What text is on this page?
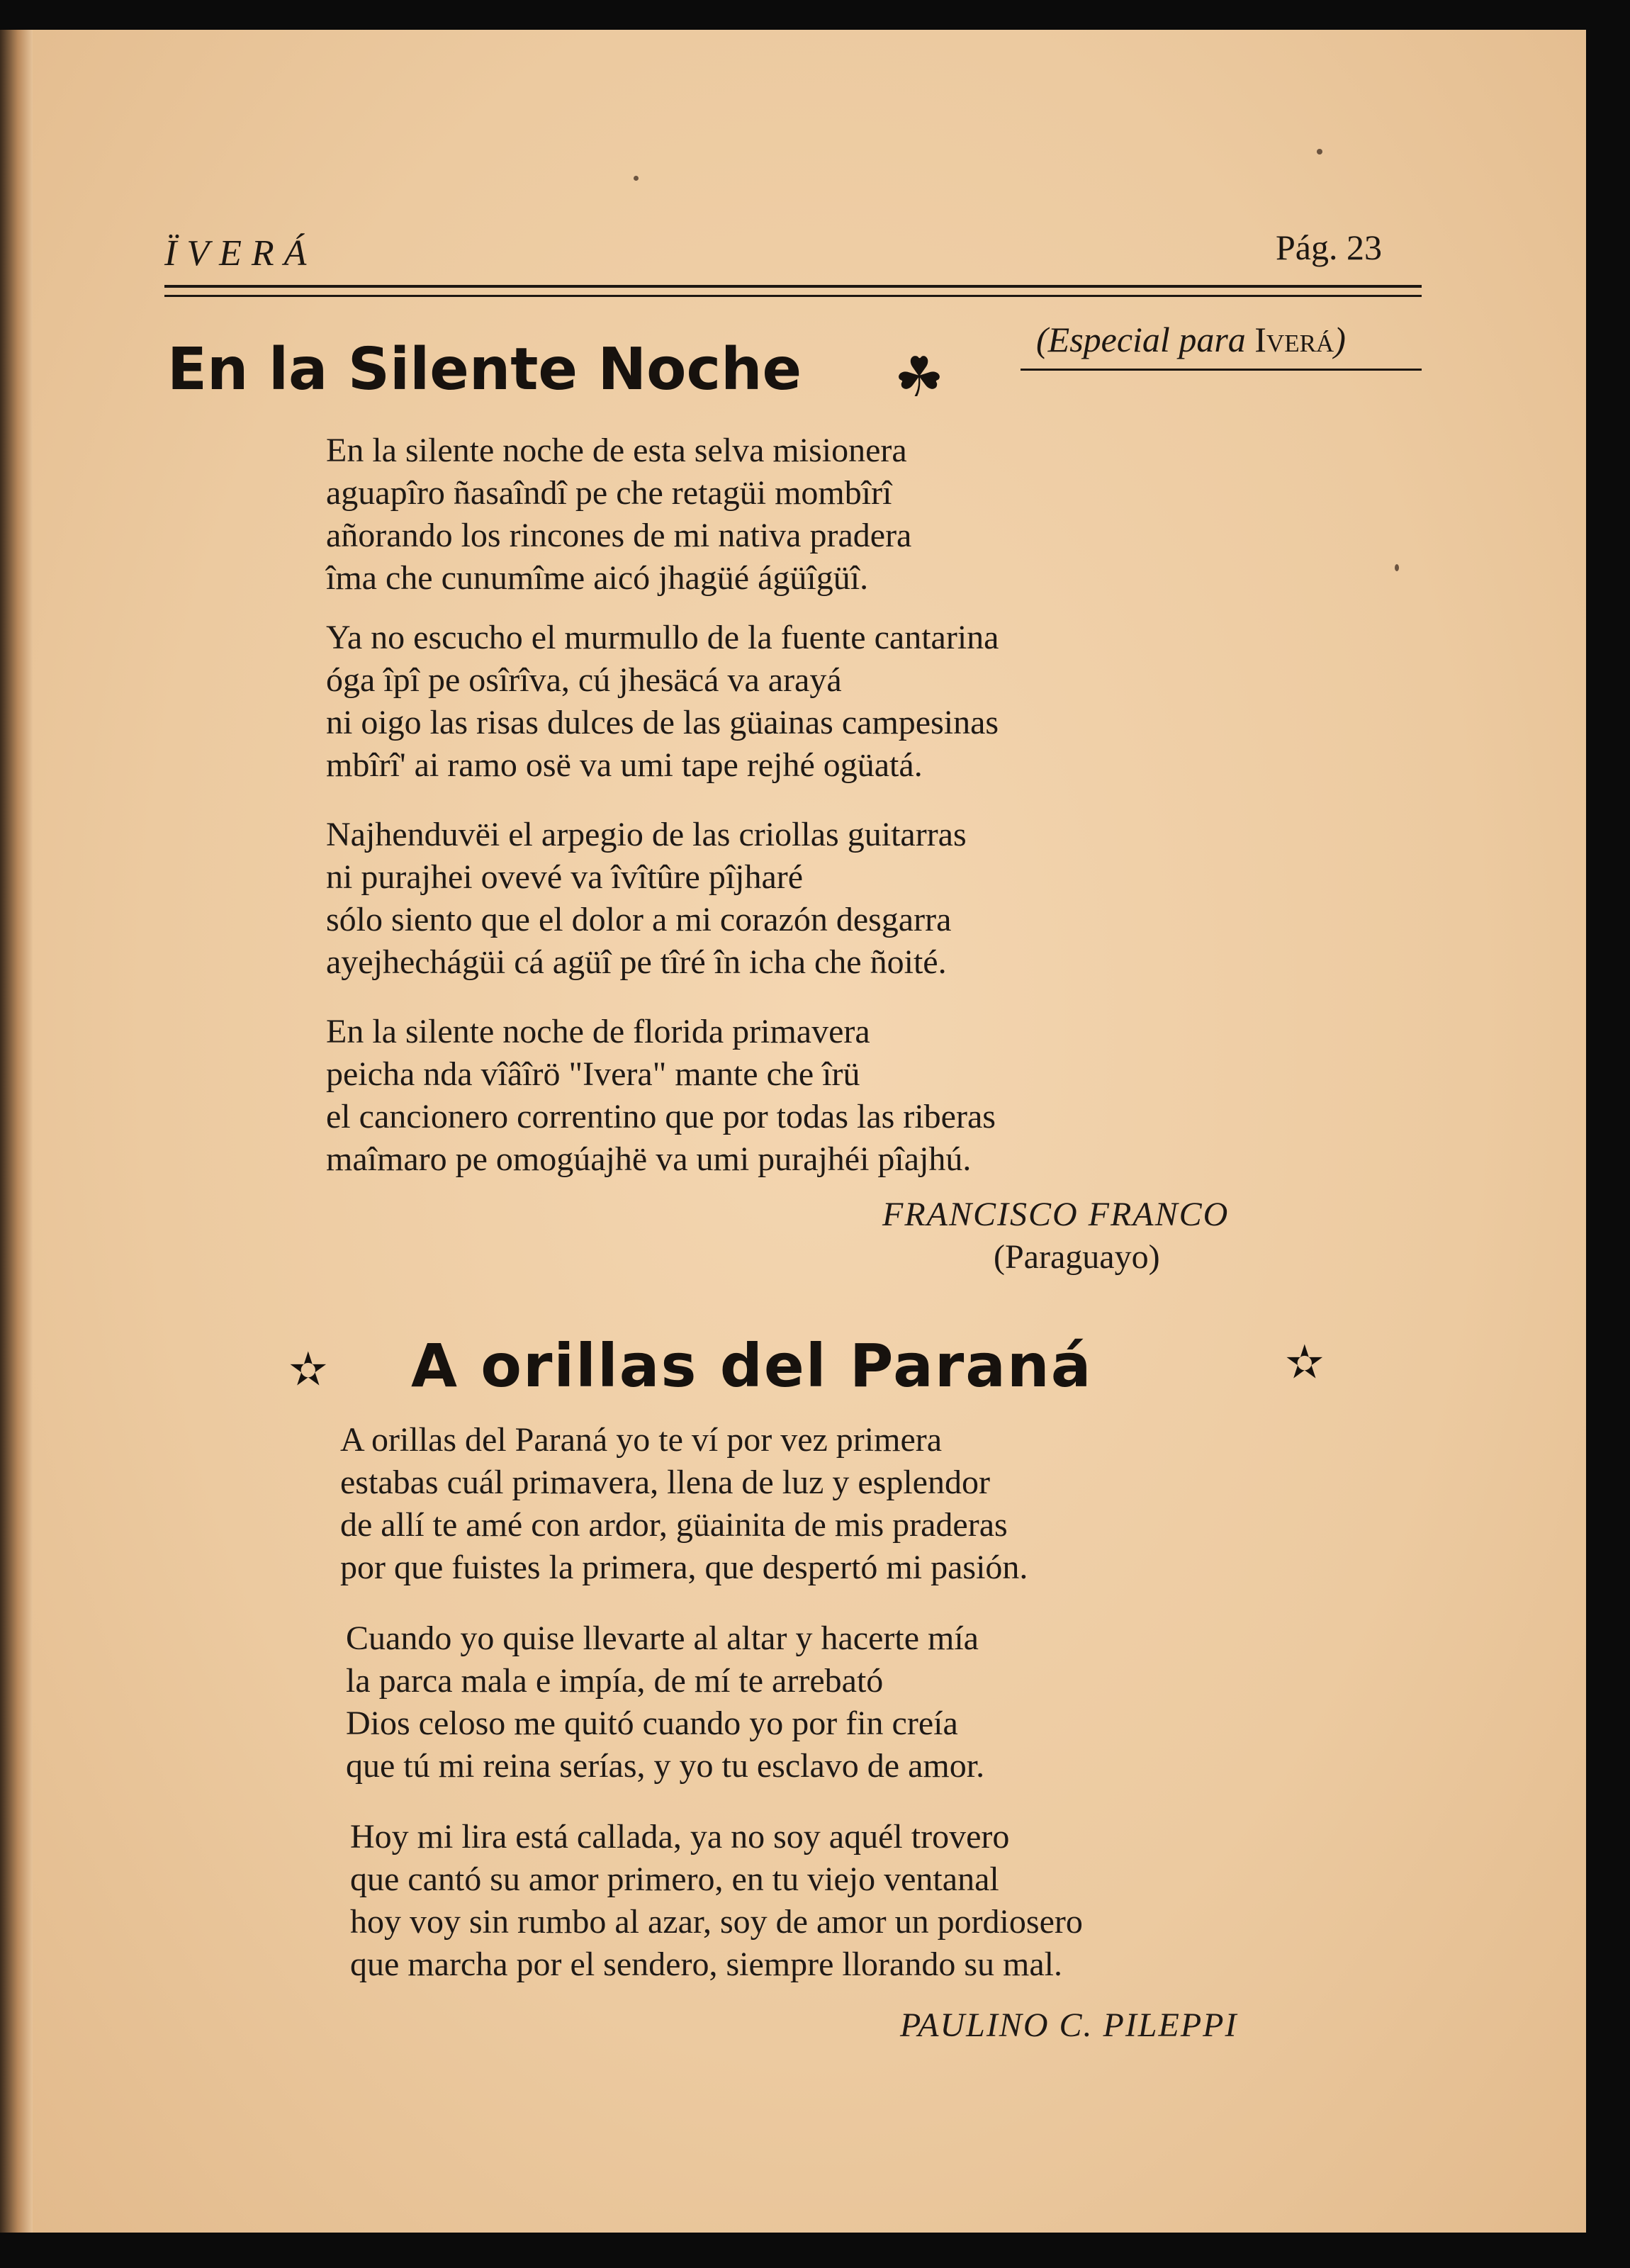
ÏVERÁ	Pág. 23
En la Silente Noche ☘
(Especial para Iverá)
En la silente noche de esta selva misionera
aguapîro ñasaîndî pe che retagüi mombîrî
añorando los rincones de mi nativa pradera
îma che cunumîme aicó jhagüé ágüîgüî.
Ya no escucho el murmullo de la fuente cantarina
óga îpî pe osîrîva, cú jhesäcá va arayá
ni oigo las risas dulces de las güainas campesinas
mbîrî' ai ramo osë va umi tape rejhé ogüatá.
Najhenduvëi el arpegio de las criollas guitarras
ni purajhei ovevé va îvîtûre pîjharé
sólo siento que el dolor a mi corazón desgarra
ayejhechágüi cá agüî pe tîré în icha che ñoité.
En la silente noche de florida primavera
peicha nda vîâîrö "Ivera" mante che îrü
el cancionero correntino que por todas las riberas
maîmaro pe omogúajhë va umi purajhéi pîajhú.
FRANCISCO FRANCO
(Paraguayo)
✫ A orillas del Paraná	✫
A orillas del Paraná yo te ví por vez primera
estabas cuál primavera, llena de luz y esplendor
de allí te amé con ardor, güainita de mis praderas
por que fuistes la primera, que despertó mi pasión.
Cuando yo quise llevarte al altar y hacerte mía
la parca mala e impía, de mí te arrebató
Dios celoso me quitó cuando yo por fin creía
que tú mi reina serías, y yo tu esclavo de amor.
Hoy mi lira está callada, ya no soy aquél trovero
que cantó su amor primero, en tu viejo ventanal
hoy voy sin rumbo al azar, soy de amor un pordiosero
que marcha por el sendero, siempre llorando su mal.
PAULINO C. PILEPPI
